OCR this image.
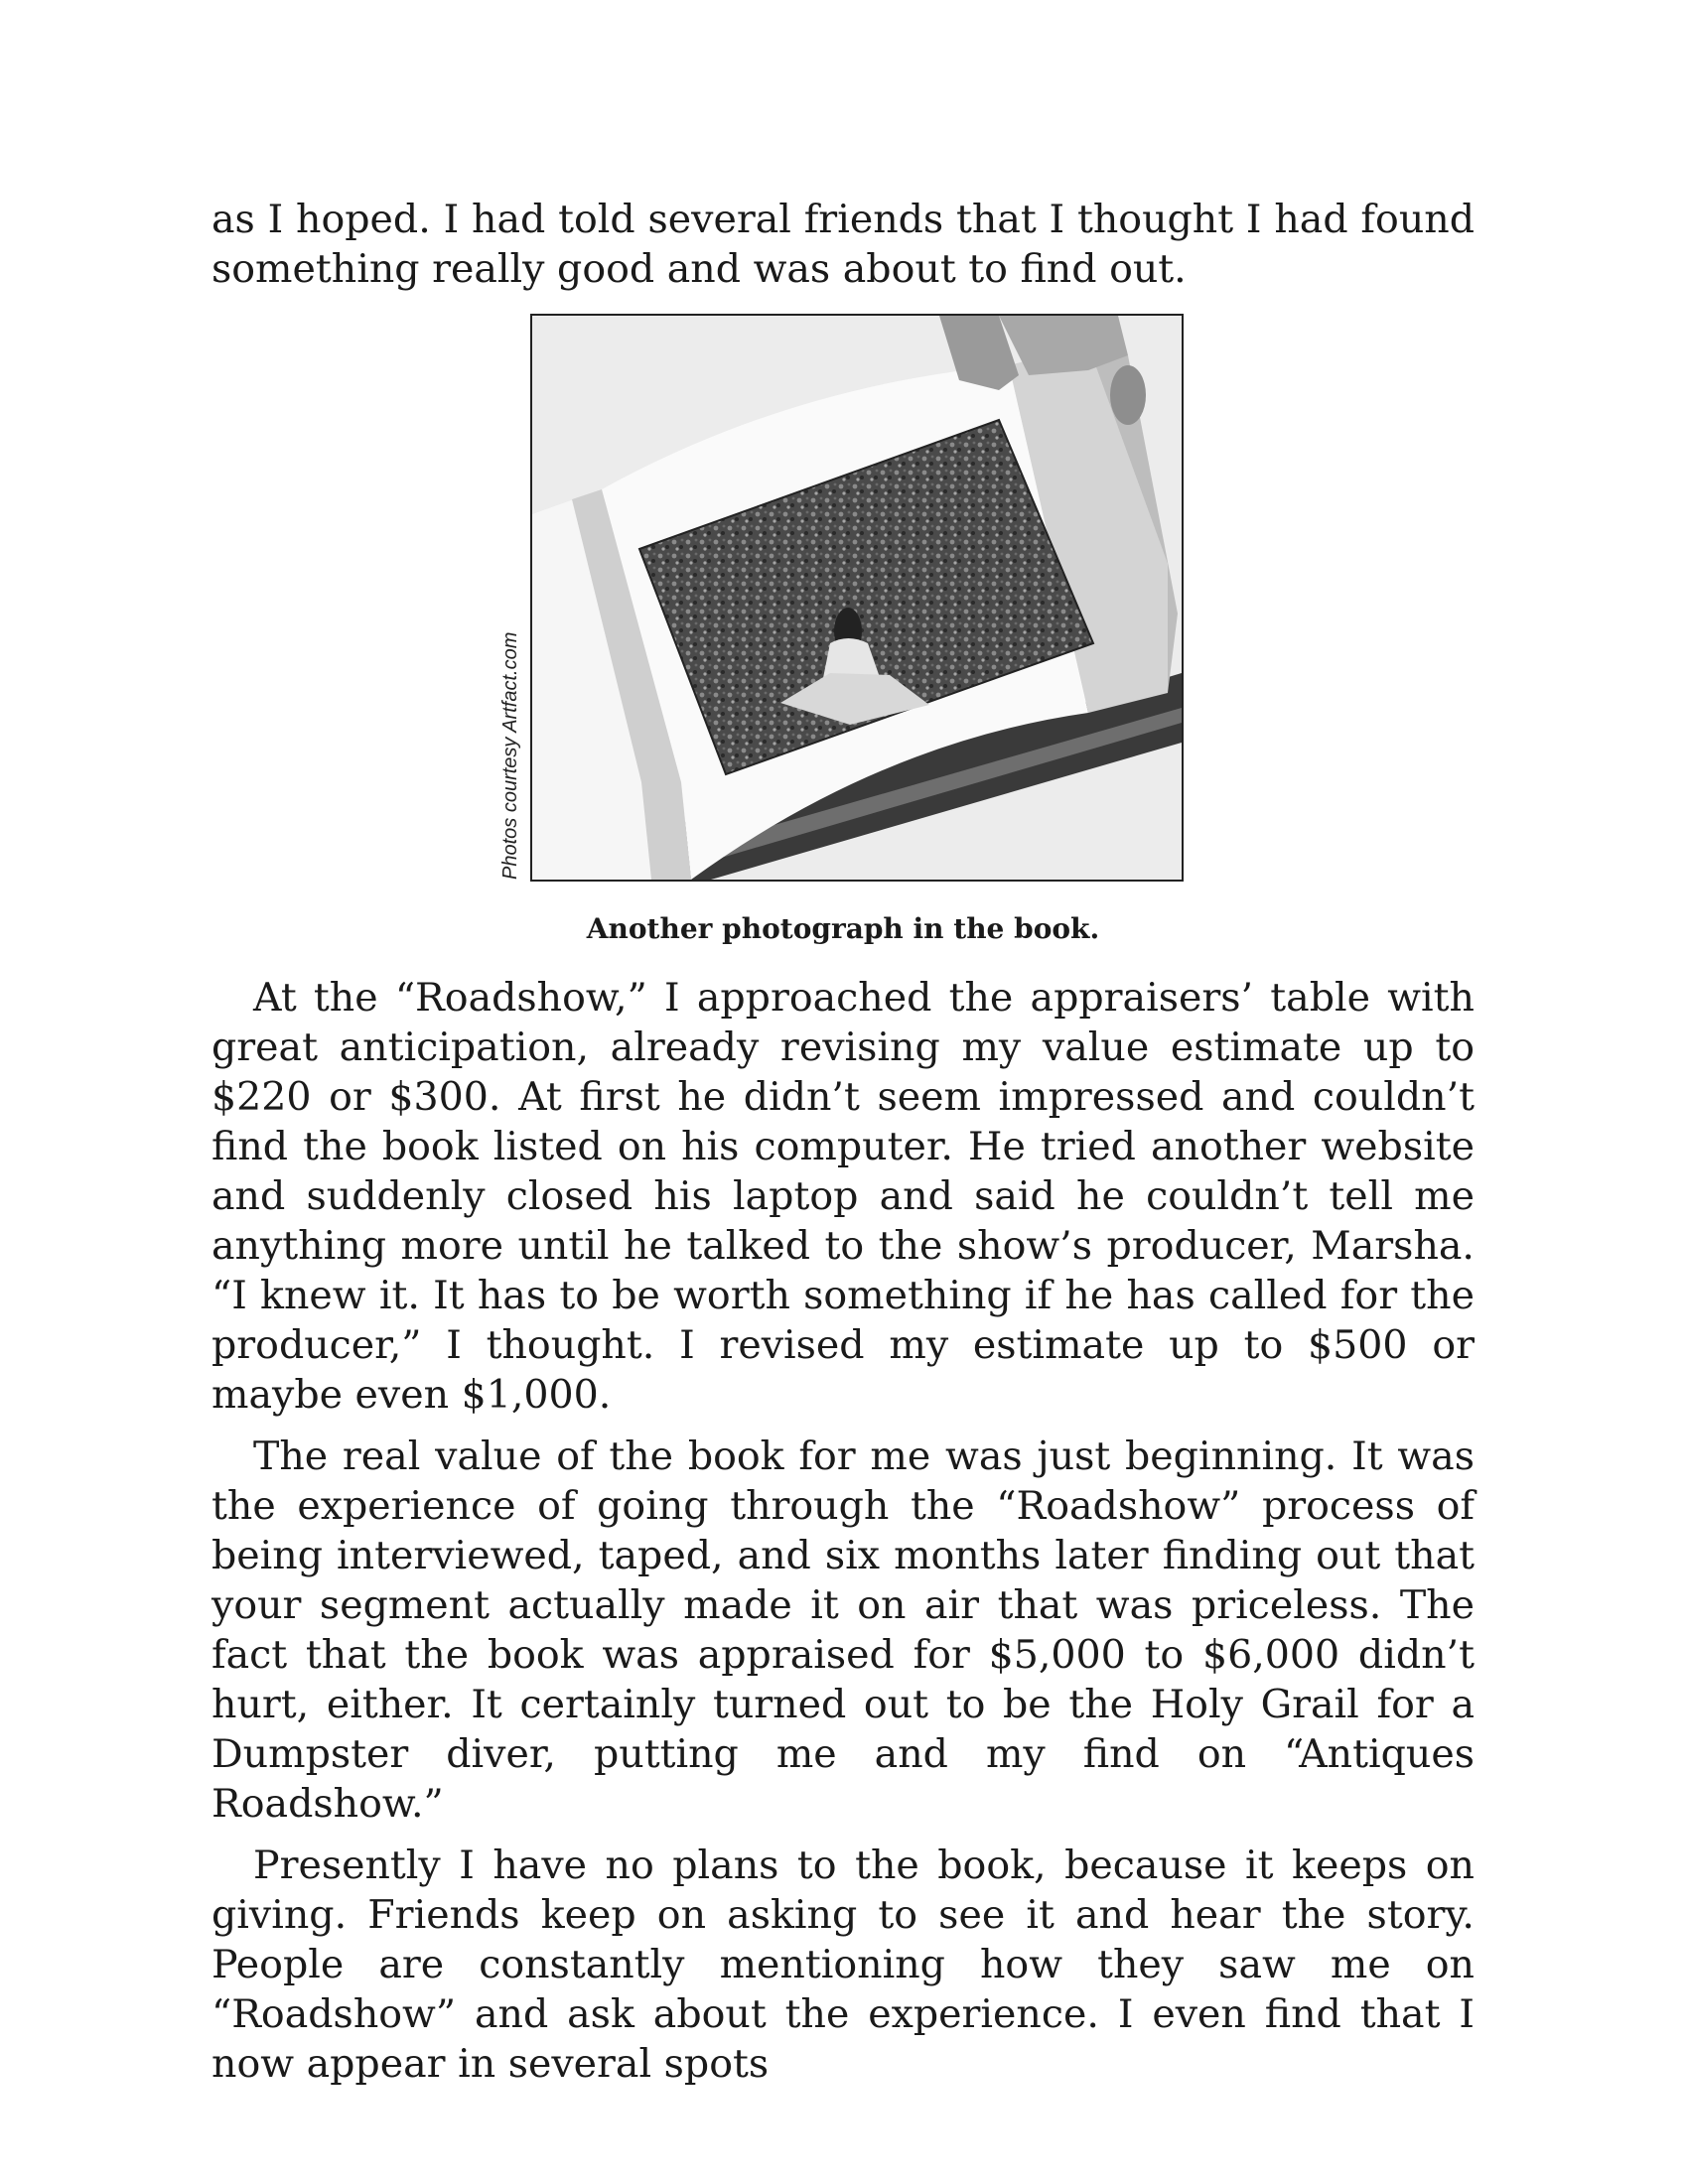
as I hoped. I had told several friends that I thought I had found something really good and was about to find out.

Photos courtesy Artfact.com
Another photograph in the book.

At the “Roadshow,” I approached the appraisers’ table with great anticipation, already revising my value estimate up to $220 or $300. At first he didn’t seem impressed and couldn’t find the book listed on his computer. He tried another website and suddenly closed his laptop and said he couldn’t tell me anything more until he talked to the show’s producer, Marsha. “I knew it. It has to be worth something if he has called for the producer,” I thought. I revised my estimate up to $500 or maybe even $1,000.

The real value of the book for me was just beginning. It was the experience of going through the “Roadshow” process of being interviewed, taped, and six months later finding out that your segment actually made it on air that was priceless. The fact that the book was appraised for $5,000 to $6,000 didn’t hurt, either. It certainly turned out to be the Holy Grail for a Dumpster diver, putting me and my find on “Antiques Roadshow.”

Presently I have no plans to the book, because it keeps on giving. Friends keep on asking to see it and hear the story. People are constantly mentioning how they saw me on “Roadshow” and ask about the experience. I even find that I now appear in several spots
